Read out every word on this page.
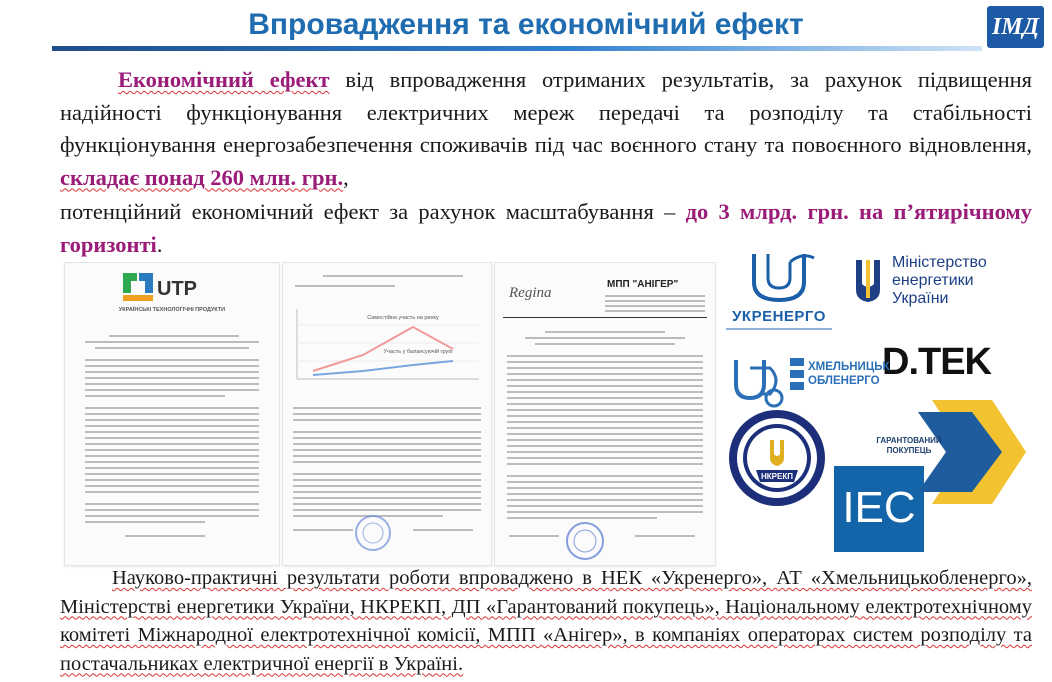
Впровадження та економічний ефект	ІМД
Економічний ефект від впровадження отриманих результатів, за рахунок підвищення надійності функціонування електричних мереж передачі та розподілу та стабільності функціонування енергозабезпечення споживачів під час воєнного стану та повоєнного відновлення, складає понад 260 млн. грн.,
потенційний економічний ефект за рахунок масштабування – до 3 млрд. грн. на п’ятирічному горизонті.
UTP
УКРАЇНСЬКІ ТЕХНОЛОГІЧНІ ПРОДУКТИ
Самостійна участь на ринку
Участь у балансуючій групі
Regina
МПП "АНІГЕР"
УКРЕНЕРГО
Міністерство енергетики України
D.TEK
ХМЕЛЬНИЦЬК ОБЛЕНЕРГО
НКРЕКП
IEC
ГАРАНТОВАНИЙ ПОКУПЕЦЬ
Науково-практичні результати роботи впроваджено в НЕК «Укренерго», АТ «Хмельницькобленерго», Міністерстві енергетики України, НКРЕКП, ДП «Гарантований покупець», Національному електротехнічному комітеті Міжнародної електротехнічної комісії, МПП «Анігер», в компаніях операторах систем розподілу та постачальниках електричної енергії в Україні.
